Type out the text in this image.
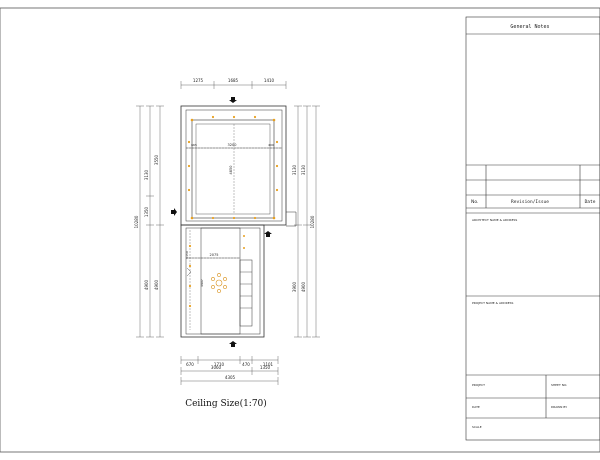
General Notes
No.	Revision/Issue	Date
ARCHITECT NAME & ADDRESS
PROJECT NAME & ADDRESS
PROJECT	SHEET NO.
DATE	DRAWN BY
SCALE
1275	1685	1410
670	1710	470	1101
3060	1350
4305
10280
3130
1350
4900
3550
4900
3130
3900
3130
4900
10280
3200
665	400
4850
2075
4907
5150
Ceiling Size(1:70)
